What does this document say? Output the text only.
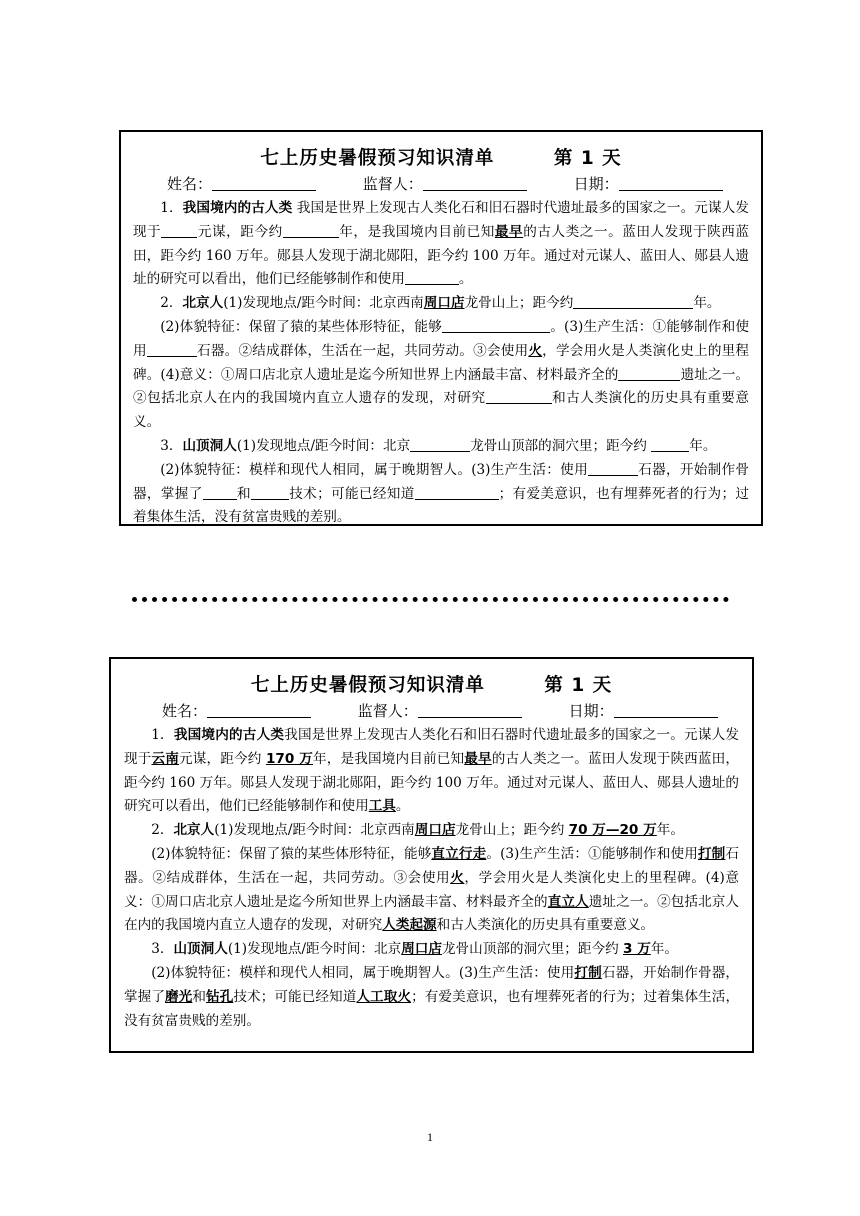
七上历史暑假预习知识清单        第 1 天
姓名：	监督人：	日期：

1．我国境内的古人类 我国是世界上发现古人类化石和旧石器时代遗址最多的国家之一。元谋人发现于	元谋，距今约	年，是我国境内目前已知最早的古人类之一。蓝田人发现于陕西蓝田，距今约 160 万年。郧县人发现于湖北郧阳，距今约 100 万年。通过对元谋人、蓝田人、郧县人遗址的研究可以看出，他们已经能够制作和使用	。

2．北京人(1)发现地点/距今时间：北京西南周口店龙骨山上；距今约	年。

(2)体貌特征：保留了猿的某些体形特征，能够	。(3)生产生活：①能够制作和使用	石器。②结成群体，生活在一起，共同劳动。③会使用火，学会用火是人类演化史上的里程碑。(4)意义：①周口店北京人遗址是迄今所知世界上内涵最丰富、材料最齐全的	遗址之一。②包括北京人在内的我国境内直立人遗存的发现，对研究	和古人类演化的历史具有重要意义。

3．山顶洞人(1)发现地点/距今时间：北京	龙骨山顶部的洞穴里；距今约	年。

(2)体貌特征：模样和现代人相同，属于晚期智人。(3)生产生活：使用	石器，开始制作骨器，掌握了	和	技术；可能已经知道	；有爱美意识，也有埋葬死者的行为；过着集体生活，没有贫富贵贱的差别。

七上历史暑假预习知识清单        第 1 天
姓名：	监督人：	日期：

1．我国境内的古人类我国是世界上发现古人类化石和旧石器时代遗址最多的国家之一。元谋人发现于云南元谋，距今约 170 万年，是我国境内目前已知最早的古人类之一。蓝田人发现于陕西蓝田，距今约 160 万年。郧县人发现于湖北郧阳，距今约 100 万年。通过对元谋人、蓝田人、郧县人遗址的研究可以看出，他们已经能够制作和使用工具。

2．北京人(1)发现地点/距今时间：北京西南周口店龙骨山上；距今约 70 万—20 万年。

(2)体貌特征：保留了猿的某些体形特征，能够直立行走。(3)生产生活：①能够制作和使用打制石器。②结成群体，生活在一起，共同劳动。③会使用火，学会用火是人类演化史上的里程碑。(4)意义：①周口店北京人遗址是迄今所知世界上内涵最丰富、材料最齐全的直立人遗址之一。②包括北京人在内的我国境内直立人遗存的发现，对研究人类起源和古人类演化的历史具有重要意义。

3．山顶洞人(1)发现地点/距今时间：北京周口店龙骨山顶部的洞穴里；距今约 3 万年。

(2)体貌特征：模样和现代人相同，属于晚期智人。(3)生产生活：使用打制石器，开始制作骨器，掌握了磨光和钻孔技术；可能已经知道人工取火；有爱美意识，也有埋葬死者的行为；过着集体生活，没有贫富贵贱的差别。

1
